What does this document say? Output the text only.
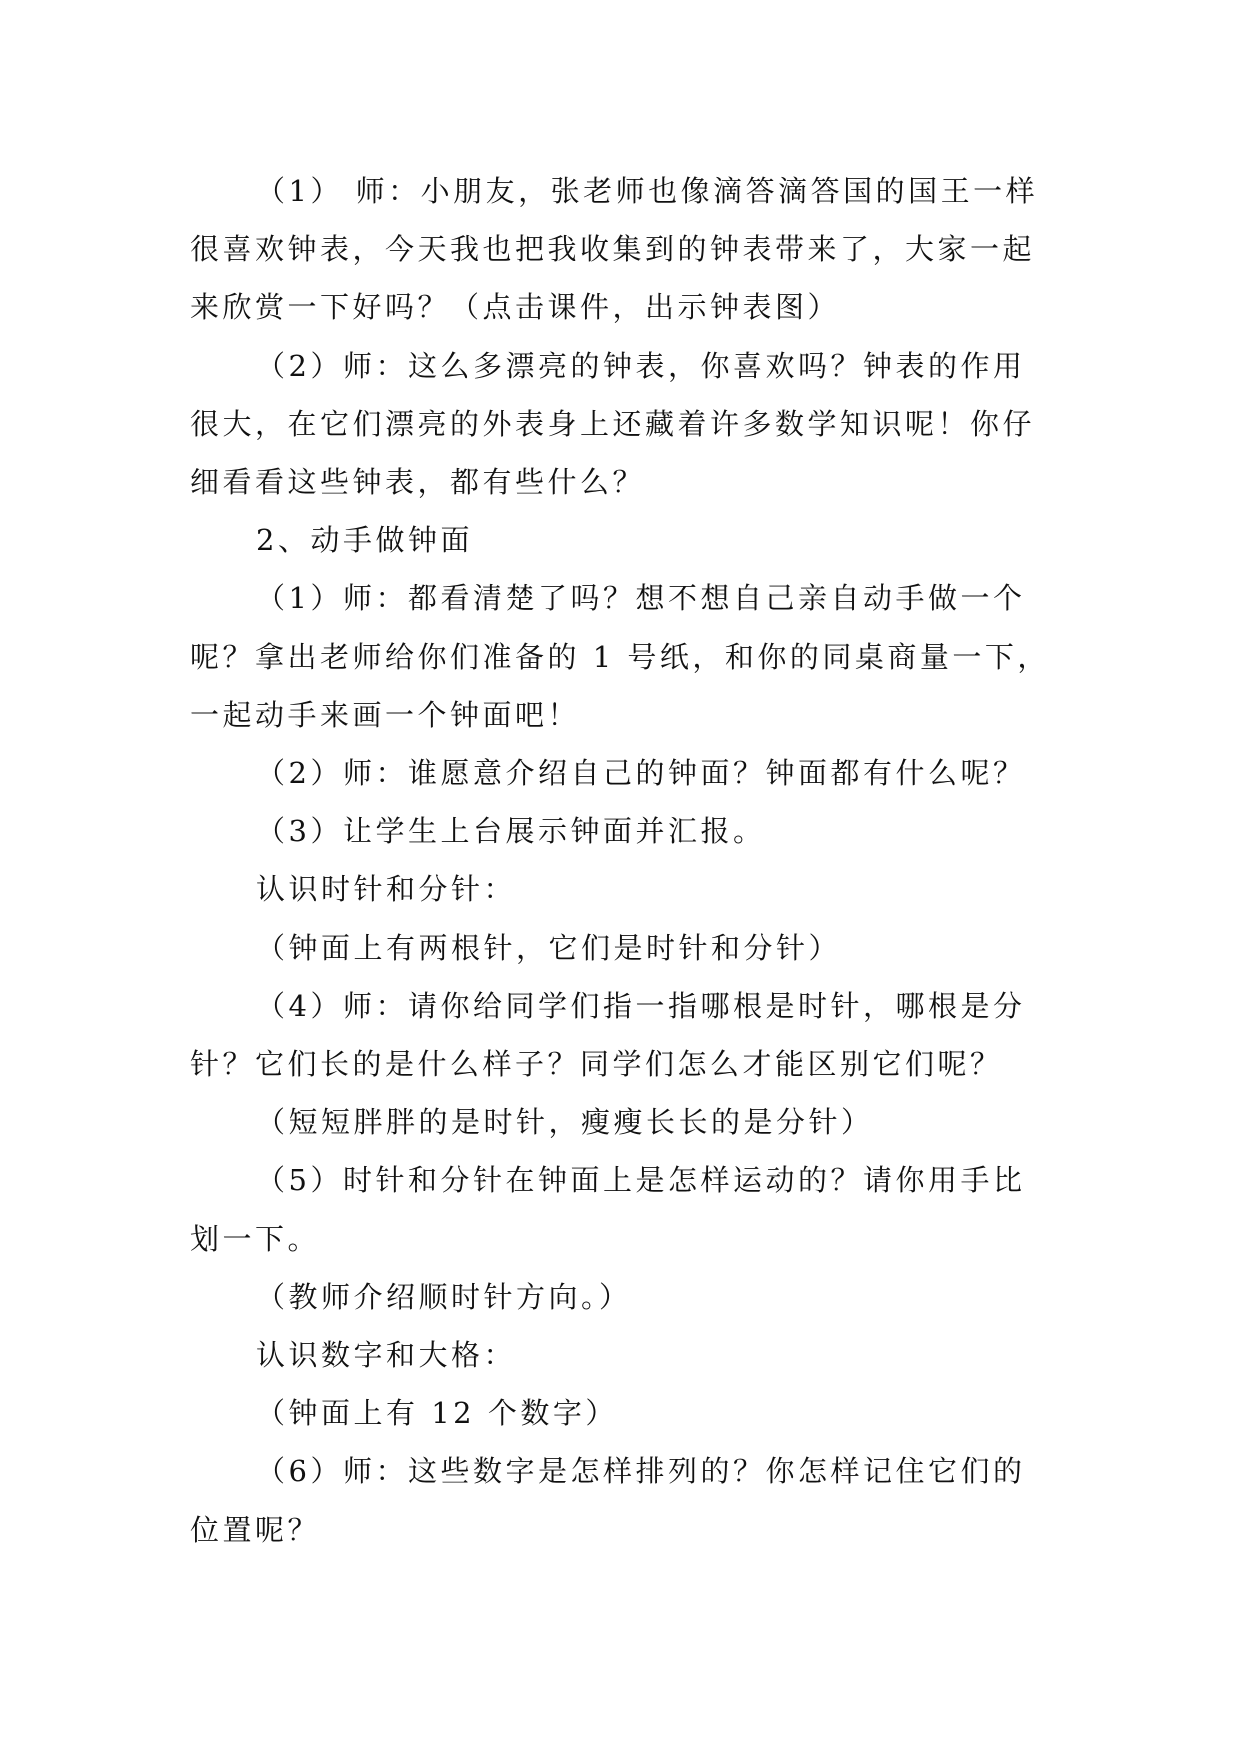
（1） 师：小朋友，张老师也像滴答滴答国的国王一样很喜欢钟表，今天我也把我收集到的钟表带来了，大家一起来欣赏一下好吗？（点击课件，出示钟表图）

（2）师：这么多漂亮的钟表，你喜欢吗？钟表的作用很大，在它们漂亮的外表身上还藏着许多数学知识呢！你仔细看看这些钟表，都有些什么？

2、动手做钟面

（1）师：都看清楚了吗？想不想自己亲自动手做一个呢？拿出老师给你们准备的 1 号纸，和你的同桌商量一下，一起动手来画一个钟面吧！

（2）师：谁愿意介绍自己的钟面？钟面都有什么呢？

（3）让学生上台展示钟面并汇报。

认识时针和分针：

（钟面上有两根针，它们是时针和分针）

（4）师：请你给同学们指一指哪根是时针，哪根是分针？它们长的是什么样子？同学们怎么才能区别它们呢？

（短短胖胖的是时针，瘦瘦长长的是分针）

（5）时针和分针在钟面上是怎样运动的？请你用手比划一下。

（教师介绍顺时针方向。）

认识数字和大格：

（钟面上有 12 个数字）

（6）师：这些数字是怎样排列的？你怎样记住它们的位置呢？
